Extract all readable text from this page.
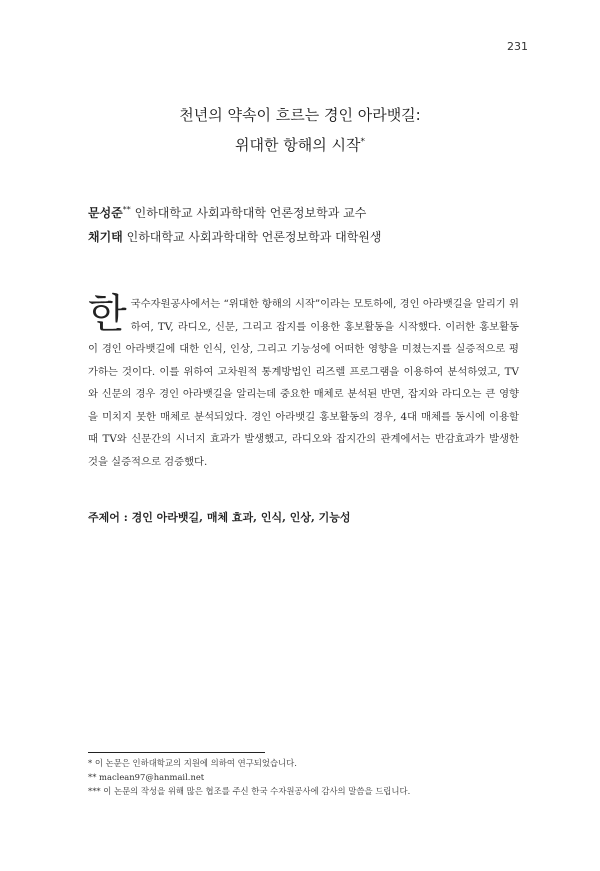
231
천년의 약속이 흐르는 경인 아라뱃길:
위대한 항해의 시작*
문성준** 인하대학교 사회과학대학 언론정보학과 교수
채기태 인하대학교 사회과학대학 언론정보학과 대학원생
한국수자원공사에서는 “위대한 항해의 시작”이라는 모토하에, 경인 아라뱃길을 알리기 위하여, TV, 라디오, 신문, 그리고 잡지를 이용한 홍보활동을 시작했다. 이러한 홍보활동이 경인 아라뱃길에 대한 인식, 인상, 그리고 기능성에 어떠한 영향을 미쳤는지를 실증적으로 평가하는 것이다. 이를 위하여 고차원적 통계방법인 리즈렐 프로그램을 이용하여 분석하였고, TV와 신문의 경우 경인 아라뱃길을 알리는데 중요한 매체로 분석된 반면, 잡지와 라디오는 큰 영향을 미치지 못한 매체로 분석되었다. 경인 아라뱃길 홍보활동의 경우, 4대 매체를 동시에 이용할 때 TV와 신문간의 시너지 효과가 발생했고, 라디오와 잡지간의 관계에서는 반감효과가 발생한 것을 실증적으로 검증했다.
주제어 : 경인 아라뱃길, 매체 효과, 인식, 인상, 기능성
* 이 논문은 인하대학교의 지원에 의하여 연구되었습니다.
** maclean97@hanmail.net
*** 이 논문의 작성을 위해 많은 협조를 주신 한국 수자원공사에 감사의 말씀을 드립니다.
